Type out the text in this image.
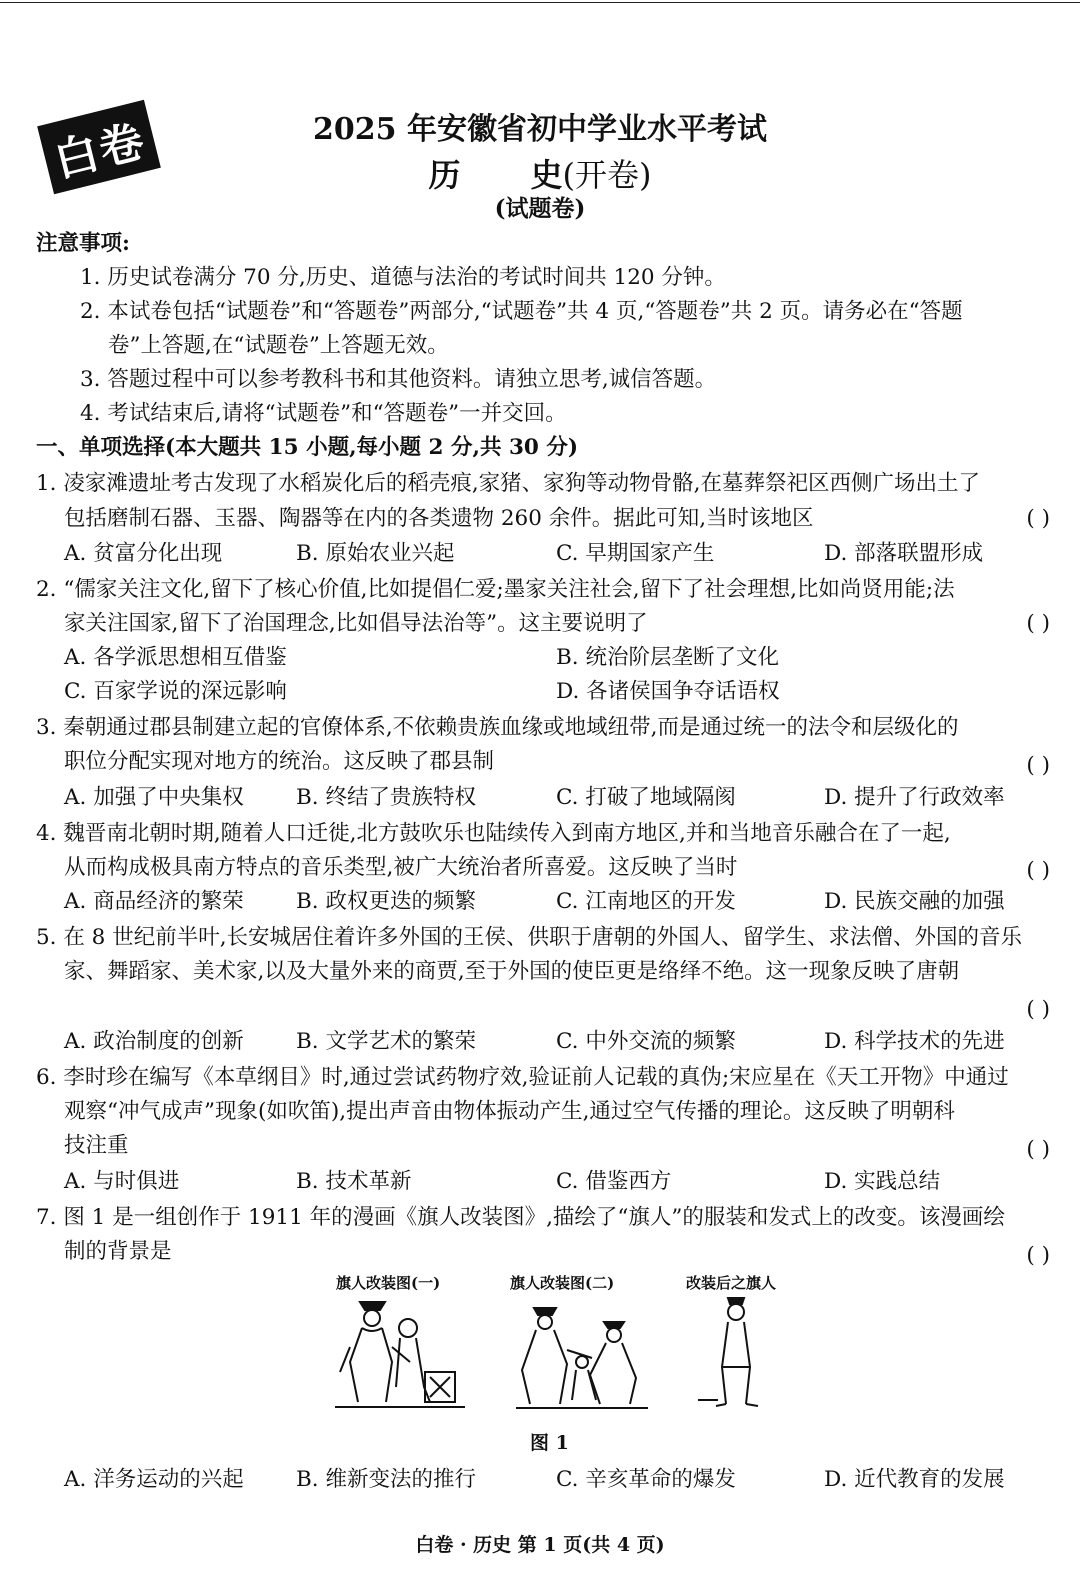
白卷	2025 年安徽省初中学业水平考试
历 史(开卷)
(试题卷)
注意事项:
1. 历史试卷满分 70 分,历史、道德与法治的考试时间共 120 分钟。
2. 本试卷包括“试题卷”和“答题卷”两部分,“试题卷”共 4 页,“答题卷”共 2 页。请务必在“答题
卷”上答题,在“试题卷”上答题无效。
3. 答题过程中可以参考教科书和其他资料。请独立思考,诚信答题。
4. 考试结束后,请将“试题卷”和“答题卷”一并交回。
一、单项选择(本大题共 15 小题,每小题 2 分,共 30 分)
1. 凌家滩遗址考古发现了水稻炭化后的稻壳痕,家猪、家狗等动物骨骼,在墓葬祭祀区西侧广场出土了
包括磨制石器、玉器、陶器等在内的各类遗物 260 余件。据此可知,当时该地区	( )
A. 贫富分化出现	B. 原始农业兴起	C. 早期国家产生	D. 部落联盟形成
2. “儒家关注文化,留下了核心价值,比如提倡仁爱;墨家关注社会,留下了社会理想,比如尚贤用能;法
家关注国家,留下了治国理念,比如倡导法治等”。这主要说明了	( )
A. 各学派思想相互借鉴	B. 统治阶层垄断了文化
C. 百家学说的深远影响	D. 各诸侯国争夺话语权
3. 秦朝通过郡县制建立起的官僚体系,不依赖贵族血缘或地域纽带,而是通过统一的法令和层级化的
职位分配实现对地方的统治。这反映了郡县制	( )
A. 加强了中央集权 B. 终结了贵族特权	C. 打破了地域隔阂	D. 提升了行政效率
4. 魏晋南北朝时期,随着人口迁徙,北方鼓吹乐也陆续传入到南方地区,并和当地音乐融合在了一起,
从而构成极具南方特点的音乐类型,被广大统治者所喜爱。这反映了当时	( )
A. 商品经济的繁荣 B. 政权更迭的频繁	C. 江南地区的开发	D. 民族交融的加强
5. 在 8 世纪前半叶,长安城居住着许多外国的王侯、供职于唐朝的外国人、留学生、求法僧、外国的音乐
家、舞蹈家、美术家,以及大量外来的商贾,至于外国的使臣更是络绎不绝。这一现象反映了唐朝
( )
A. 政治制度的创新 B. 文学艺术的繁荣	C. 中外交流的频繁	D. 科学技术的先进
6. 李时珍在编写《本草纲目》时,通过尝试药物疗效,验证前人记载的真伪;宋应星在《天工开物》中通过
观察“冲气成声”现象(如吹笛),提出声音由物体振动产生,通过空气传播的理论。这反映了明朝科
技注重	( )
A. 与时俱进	B. 技术革新	C. 借鉴西方	D. 实践总结
7. 图 1 是一组创作于 1911 年的漫画《旗人改装图》,描绘了“旗人”的服装和发式上的改变。该漫画绘
制的背景是	( )
旗人改装图(一)	旗人改装图(二)	改装后之旗人
图 1
A. 洋务运动的兴起 B. 维新变法的推行	C. 辛亥革命的爆发	D. 近代教育的发展
白卷 · 历史 第 1 页(共 4 页)
